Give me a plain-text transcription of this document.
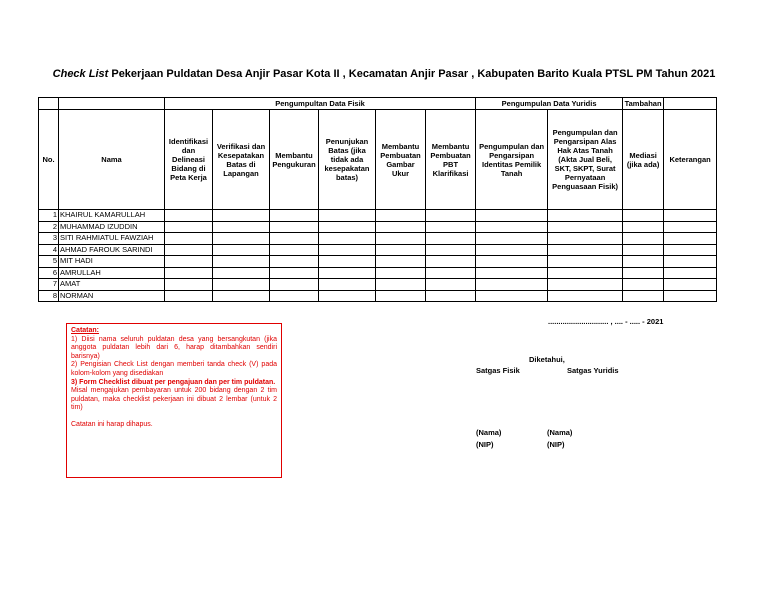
Check List Pekerjaan Puldatan Desa Anjir Pasar Kota II , Kecamatan Anjir Pasar , Kabupaten Barito Kuala PTSL PM Tahun 2021
		Pengumpultan Data Fisik						Pengumpulan Data Yuridis		Tambahan	
No.	Nama	Identifikasi dan Delineasi Bidang di Peta Kerja	Verifikasi dan Kesepatakan Batas di Lapangan	Membantu Pengukuran	Penunjukan Batas (jika tidak ada kesepakatan batas)	Membantu Pembuatan Gambar Ukur	Membantu Pembuatan PBT Klarifikasi	Pengumpulan dan Pengarsipan Identitas Pemilik Tanah	Pengumpulan dan Pengarsipan Alas Hak Atas Tanah (Akta Jual Beli, SKT, SKPT, Surat Pernyataan Penguasaan Fisik)	Mediasi (jika ada)	Keterangan
1	KHAIRUL KAMARULLAH										
2	MUHAMMAD IZUDDIN										
3	SITI RAHMIATUL FAWZIAH										
4	AHMAD FAROUK SARINDI										
5	MIT HADI										
6	AMRULLAH										
7	AMAT										
8	NORMAN										
Catatan:
1) Diisi nama seluruh puldatan desa yang bersangkutan (jika anggota puldatan lebih dari 6, harap ditambahkan sendiri barisnya)
2) Pengisian Check List dengan memberi tanda check (V) pada kolom-kolom yang disediakan
3) Form Checklist dibuat per pengajuan dan per tim puldatan.
Misal mengajukan pembayaran untuk 200 bidang dengan 2 tim puldatan, maka checklist pekerjaan ini dibuat 2 lembar (untuk 2 tim)
Catatan ini harap dihapus.
............................. , .... - ..... - 2021
Diketahui,
Satgas Fisik	Satgas Yuridis
(Nama)
(NIP)
(Nama)
(NIP)
